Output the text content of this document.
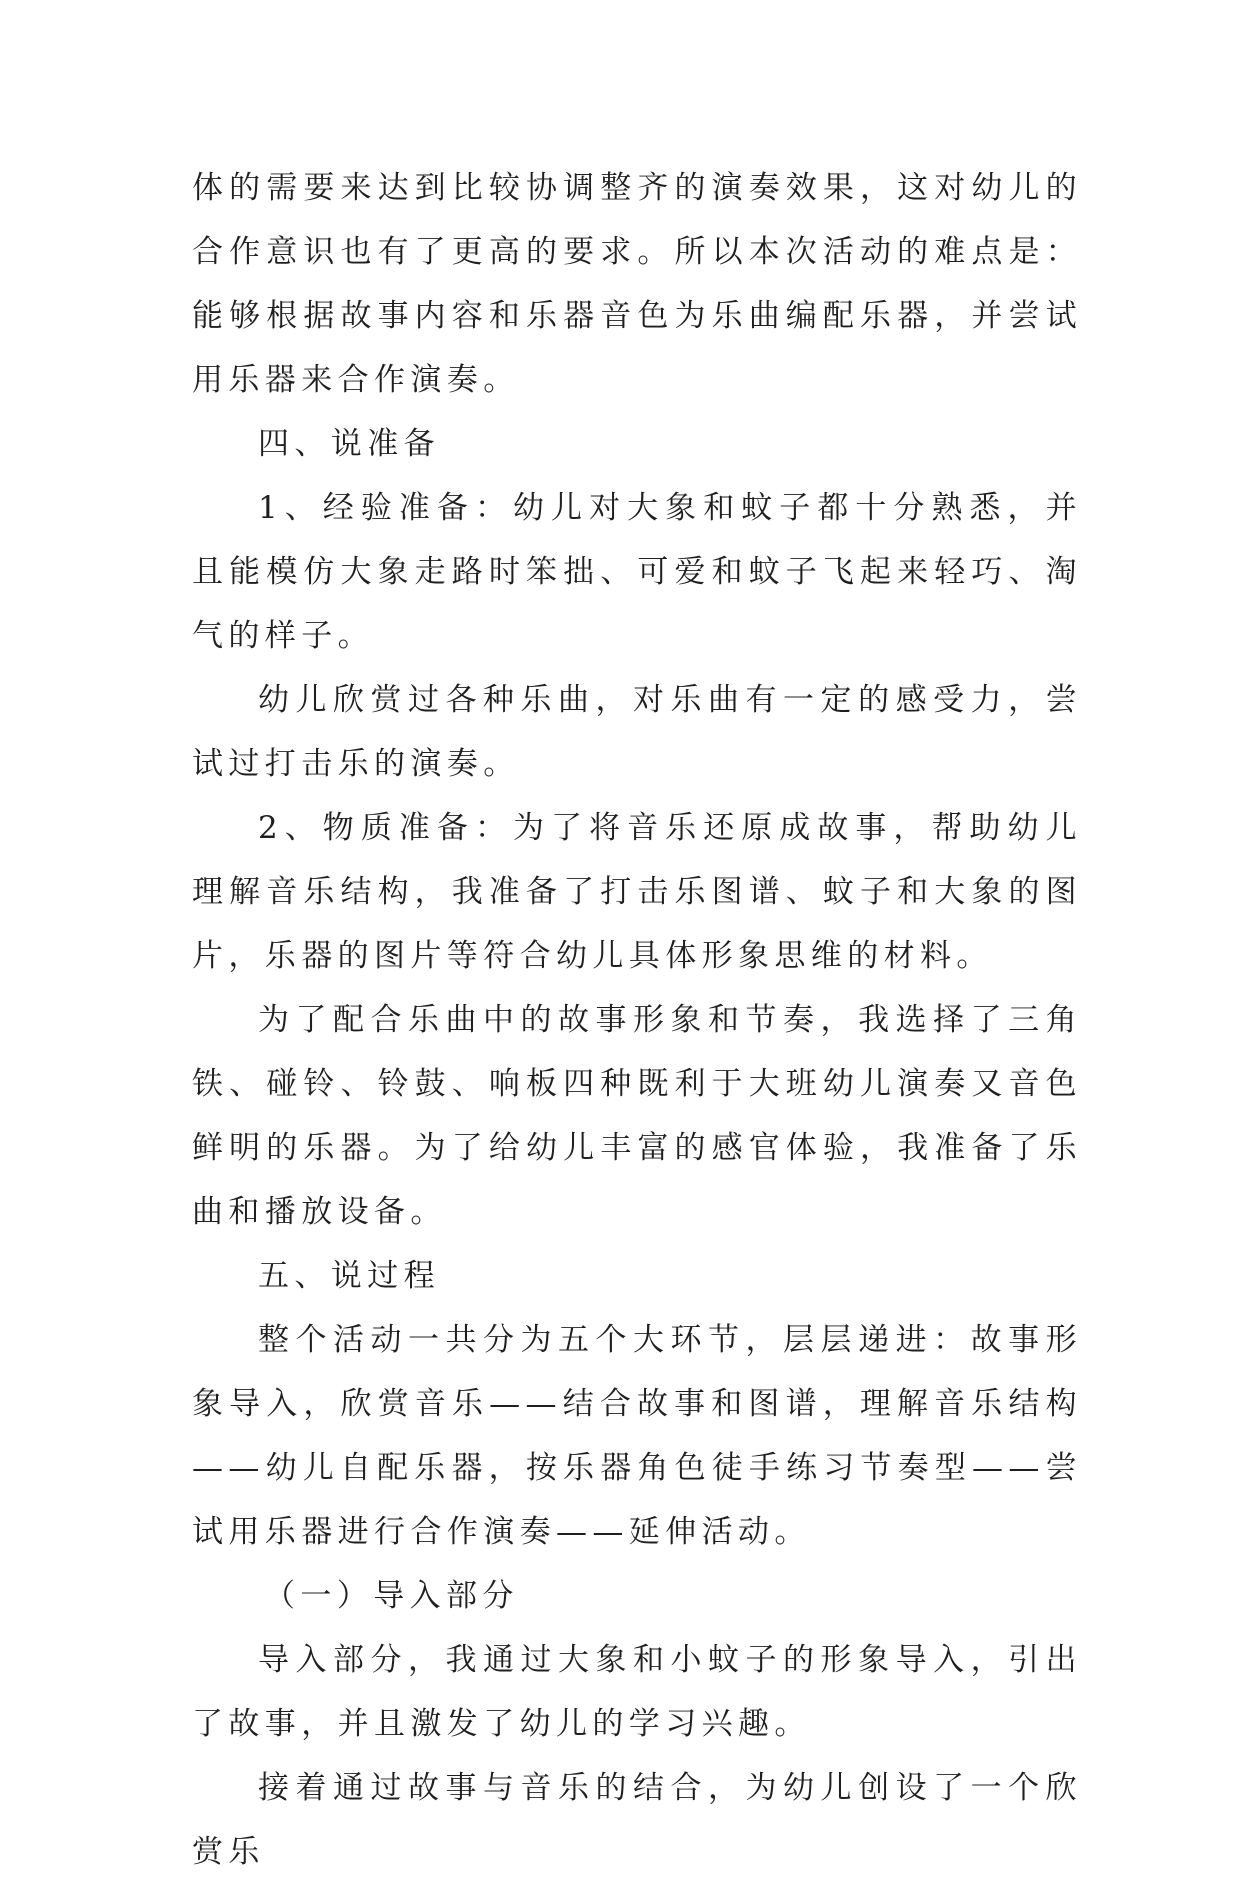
体的需要来达到比较协调整齐的演奏效果，这对幼儿的合作意识也有了更高的要求。所以本次活动的难点是：能够根据故事内容和乐器音色为乐曲编配乐器，并尝试用乐器来合作演奏。

四、说准备

1、经验准备：幼儿对大象和蚊子都十分熟悉，并且能模仿大象走路时笨拙、可爱和蚊子飞起来轻巧、淘气的样子。

幼儿欣赏过各种乐曲，对乐曲有一定的感受力，尝试过打击乐的演奏。

2、物质准备：为了将音乐还原成故事，帮助幼儿理解音乐结构，我准备了打击乐图谱、蚊子和大象的图片，乐器的图片等符合幼儿具体形象思维的材料。

为了配合乐曲中的故事形象和节奏，我选择了三角铁、碰铃、铃鼓、响板四种既利于大班幼儿演奏又音色鲜明的乐器。为了给幼儿丰富的感官体验，我准备了乐曲和播放设备。

五、说过程

整个活动一共分为五个大环节，层层递进：故事形象导入，欣赏音乐——结合故事和图谱，理解音乐结构——幼儿自配乐器，按乐器角色徒手练习节奏型——尝试用乐器进行合作演奏——延伸活动。

（一）导入部分

导入部分，我通过大象和小蚊子的形象导入，引出了故事，并且激发了幼儿的学习兴趣。

接着通过故事与音乐的结合，为幼儿创设了一个欣赏乐
